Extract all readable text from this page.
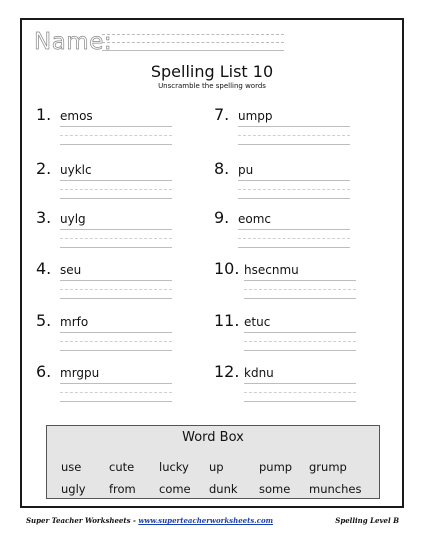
Name:
Spelling List 10
Unscramble the spelling words
1. emos
2. uyklc
3. uylg
4. seu
5. mrfo
6. mrgpu
7. umpp
8. pu
9. eomc
10. hsecnmu
11. etuc
12. kdnu
Word Box
use cute lucky up	pump grump
ugly from come dunk some munches
Super Teacher Worksheets - www.superteacherworksheets.com	Spelling Level B
